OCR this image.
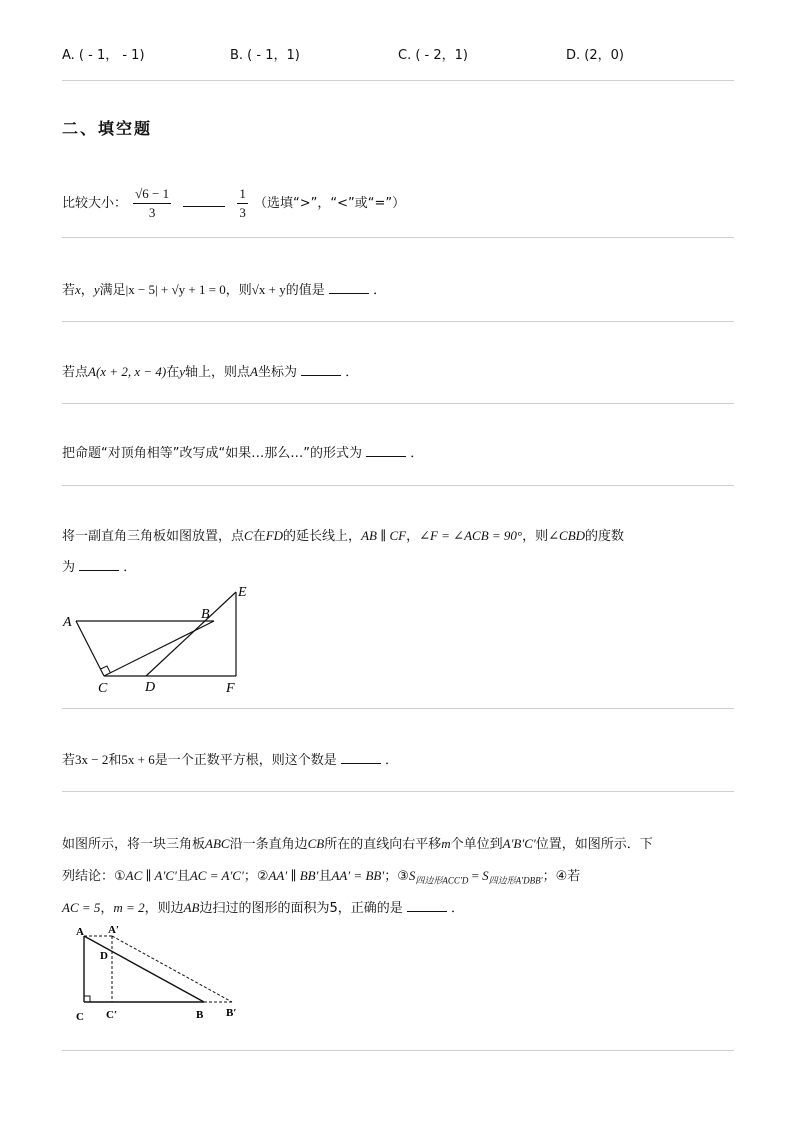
A. ( - 1， - 1)	B. ( - 1，1)	C. ( - 2，1)	D. (2，0)
二、填空题
比较大小： $\frac{√6 - 1}{3}$
	$\frac{1}{3}$ （选填“>”，“<”或“=”）
若x，y满足|x − 5| + √y + 1 = 0，则√x + y的值是	．
若点A(x + 2, x − 4)在y轴上，则点A坐标为	．
把命题“对顶角相等”改写成“如果…那么…”的形式为	．
将一副直角三角板如图放置，点C在FD的延长线上，AB ∥ CF，∠F = ∠ACB = 90°，则∠CBD的度数
为	．
A
B
C	D
E
F
若3x − 2和5x + 6是一个正数平方根，则这个数是	．
如图所示，将一块三角板ABC沿一条直角边CB所在的直线向右平移m个单位到A′B′C′位置，如图所示．下
列结论：①AC ∥ A′C′且AC = A′C′；②AA′ ∥ BB′且AA′ = BB′；$③S_{四边形ACC'D} = S_{四边形A'DBB'}$；④若
AC = 5，m = 2，则边AB边扫过的图形的面积为5，正确的是	．
A A′
D
C C′	B B′
